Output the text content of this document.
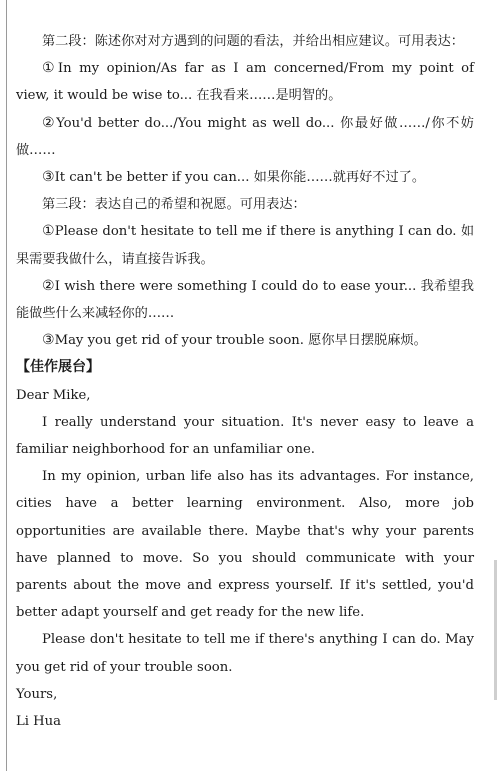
第二段：陈述你对对方遇到的问题的看法，并给出相应建议。可用表达：

①In my opinion/As far as I am concerned/From my point of view, it would be wise to... 在我看来……是明智的。

②You'd better do.../You might as well do... 你最好做……/你不妨做……

③It can't be better if you can... 如果你能……就再好不过了。

第三段：表达自己的希望和祝愿。可用表达：

①Please don't hesitate to tell me if there is anything I can do. 如果需要我做什么，请直接告诉我。

②I wish there were something I could do to ease your... 我希望我能做些什么来减轻你的……

③May you get rid of your trouble soon. 愿你早日摆脱麻烦。

【佳作展台】

Dear Mike,

I really understand your situation. It's never easy to leave a familiar neighborhood for an unfamiliar one.

In my opinion, urban life also has its advantages. For instance, cities have a better learning environment. Also, more job opportunities are available there. Maybe that's why your parents have planned to move. So you should communicate with your parents about the move and express yourself. If it's settled, you'd better adapt yourself and get ready for the new life.

Please don't hesitate to tell me if there's anything I can do. May you get rid of your trouble soon.

Yours,

Li Hua
